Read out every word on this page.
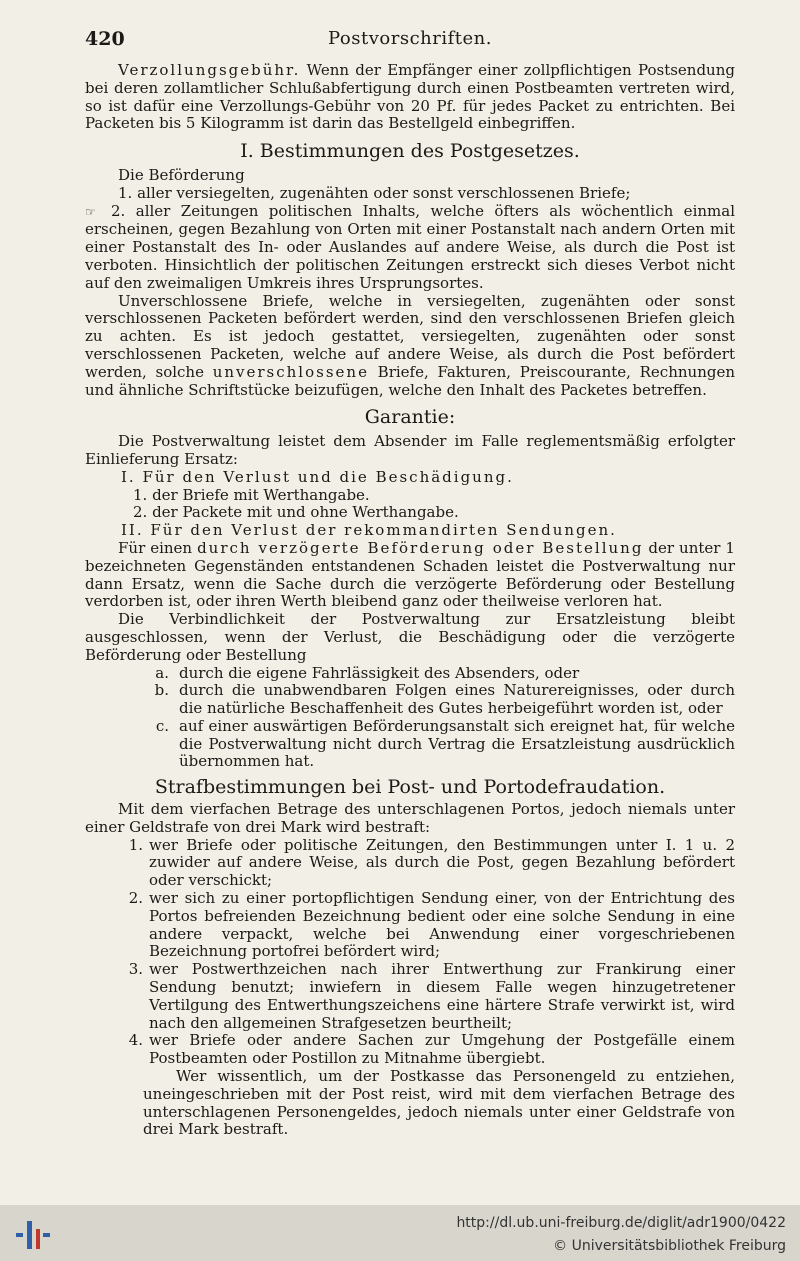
420	Postvorschriften.

Verzollungsgebühr. Wenn der Empfänger einer zollpflichtigen Postsendung bei deren zollamtlicher Schlußabfertigung durch einen Postbeamten vertreten wird, so ist dafür eine Verzollungs-Gebühr von 20 Pf. für jedes Packet zu entrichten. Bei Packeten bis 5 Kilogramm ist darin das Bestellgeld einbegriffen.

I. Bestimmungen des Postgesetzes.

Die Beförderung

1. aller versiegelten, zugenähten oder sonst verschlossenen Briefe;

☞ 2. aller Zeitungen politischen Inhalts, welche öfters als wöchentlich einmal erscheinen, gegen Bezahlung von Orten mit einer Postanstalt nach andern Orten mit einer Postanstalt des In- oder Auslandes auf andere Weise, als durch die Post ist verboten. Hinsichtlich der politischen Zeitungen erstreckt sich dieses Verbot nicht auf den zweimaligen Umkreis ihres Ursprungsortes.

Unverschlossene Briefe, welche in versiegelten, zugenähten oder sonst verschlossenen Packeten befördert werden, sind den verschlossenen Briefen gleich zu achten. Es ist jedoch gestattet, versiegelten, zugenähten oder sonst verschlossenen Packeten, welche auf andere Weise, als durch die Post befördert werden, solche unverschlossene Briefe, Fakturen, Preiscourante, Rechnungen und ähnliche Schriftstücke beizufügen, welche den Inhalt des Packetes betreffen.

Garantie:

Die Postverwaltung leistet dem Absender im Falle reglementsmäßig erfolgter Einlieferung Ersatz:

I. Für den Verlust und die Beschädigung.

1. der Briefe mit Werthangabe.

2. der Packete mit und ohne Werthangabe.

II. Für den Verlust der rekommandirten Sendungen.

Für einen durch verzögerte Beförderung oder Bestellung der unter 1 bezeichneten Gegenständen entstandenen Schaden leistet die Postverwaltung nur dann Ersatz, wenn die Sache durch die verzögerte Beförderung oder Bestellung verdorben ist, oder ihren Werth bleibend ganz oder theilweise verloren hat.

Die Verbindlichkeit der Postverwaltung zur Ersatzleistung bleibt ausgeschlossen, wenn der Verlust, die Beschädigung oder die verzögerte Beförderung oder Bestellung

a. durch die eigene Fahrlässigkeit des Absenders, oder
b. durch die unabwendbaren Folgen eines Naturereignisses, oder durch die natürliche Beschaffenheit des Gutes herbeigeführt worden ist, oder
c. auf einer auswärtigen Beförderungsanstalt sich ereignet hat, für welche die Postverwaltung nicht durch Vertrag die Ersatzleistung ausdrücklich übernommen hat.
Strafbestimmungen bei Post- und Portodefraudation.

Mit dem vierfachen Betrage des unterschlagenen Portos, jedoch niemals unter einer Geldstrafe von drei Mark wird bestraft:

1. wer Briefe oder politische Zeitungen, den Bestimmungen unter I. 1 u. 2 zuwider auf andere Weise, als durch die Post, gegen Bezahlung befördert oder verschickt;
2. wer sich zu einer portopflichtigen Sendung einer, von der Entrichtung des Portos befreienden Bezeichnung bedient oder eine solche Sendung in eine andere verpackt, welche bei Anwendung einer vorgeschriebenen Bezeichnung portofrei befördert wird;
3. wer Postwerthzeichen nach ihrer Entwerthung zur Frankirung einer Sendung benutzt; inwiefern in diesem Falle wegen hinzugetretener Vertilgung des Entwerthungszeichens eine härtere Strafe verwirkt ist, wird nach den allgemeinen Strafgesetzen beurtheilt;
4. wer Briefe oder andere Sachen zur Umgehung der Postgefälle einem Postbeamten oder Postillon zu Mitnahme übergiebt.

Wer wissentlich, um der Postkasse das Personengeld zu entziehen, uneingeschrieben mit der Post reist, wird mit dem vierfachen Betrage des unterschlagenen Personengeldes, jedoch niemals unter einer Geldstrafe von drei Mark bestraft.

http://dl.ub.uni-freiburg.de/diglit/adr1900/0422
© Universitätsbibliothek Freiburg
